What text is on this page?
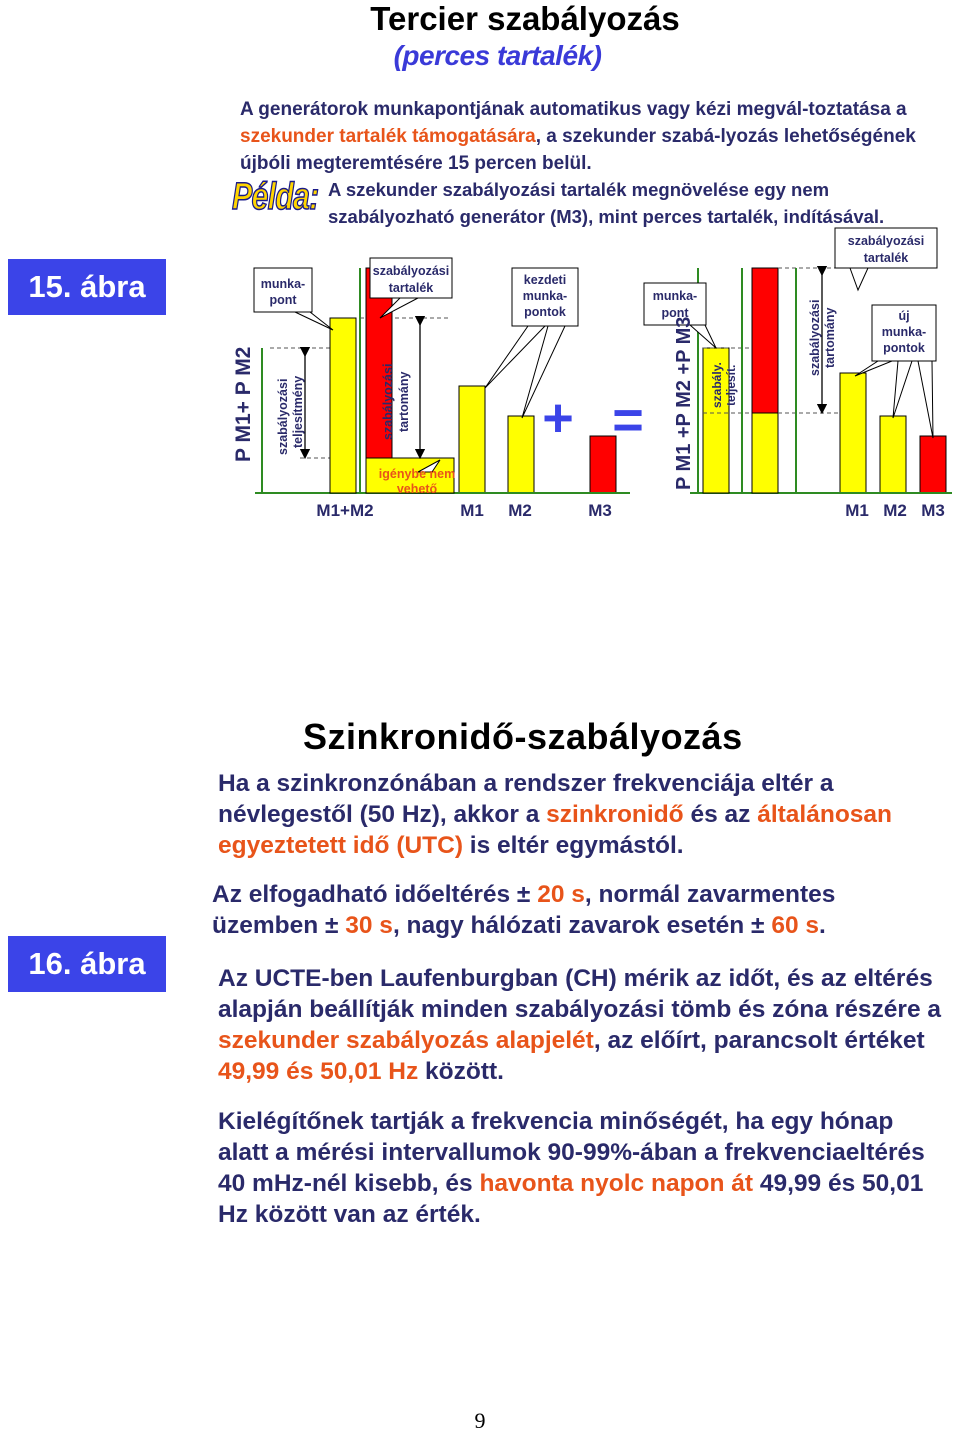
Tercier szabályozás
(perces tartalék)
A generátorok munkapontjának automatikus vagy kézi megvál-toztatása a szekunder tartalék támogatására, a szekunder szabá-lyozás lehetőségének újbóli megteremtésére 15 percen belül.
Példa: A szekunder szabályozási tartalék megnövelése egy nem szabályozható generátor (M3), mint perces tartalék, indításával.
15. ábra
P M1+ P M2 szabályozási teljesítmény
munka-
pont
szabályozási
tartalék
szabályozási tartomány
igénybe nem
vehető
kezdeti
munka-
pontok
+ = P M1 +P M2 +P M3
munka-
pont
szabály. teljesít.
szabályozási tartomány
szabályozási
tartalék
új
munka-
pontok
M1+M2	M1 M2	M3	M1 M2 M3
Szinkronidő-szabályozás
16. ábra
Ha a szinkronzónában a rendszer frekvenciája eltér a névlegestől (50 Hz), akkor a szinkronidő és az általánosan egyeztetett idő (UTC) is eltér egymástól.
Az elfogadható időeltérés ± 20 s, normál zavarmentes üzemben ± 30 s, nagy hálózati zavarok esetén ± 60 s.
Az UCTE-ben Laufenburgban (CH) mérik az időt, és az eltérés alapján beállítják minden szabályozási tömb és zóna részére a szekunder szabályozás alapjelét, az előírt, parancsolt értéket 49,99 és 50,01 Hz között.
Kielégítőnek tartják a frekvencia minőségét, ha egy hónap alatt a mérési intervallumok 90-99%-ában a frekvenciaeltérés 40 mHz-nél kisebb, és havonta nyolc napon át 49,99 és 50,01 Hz között van az érték.
9
